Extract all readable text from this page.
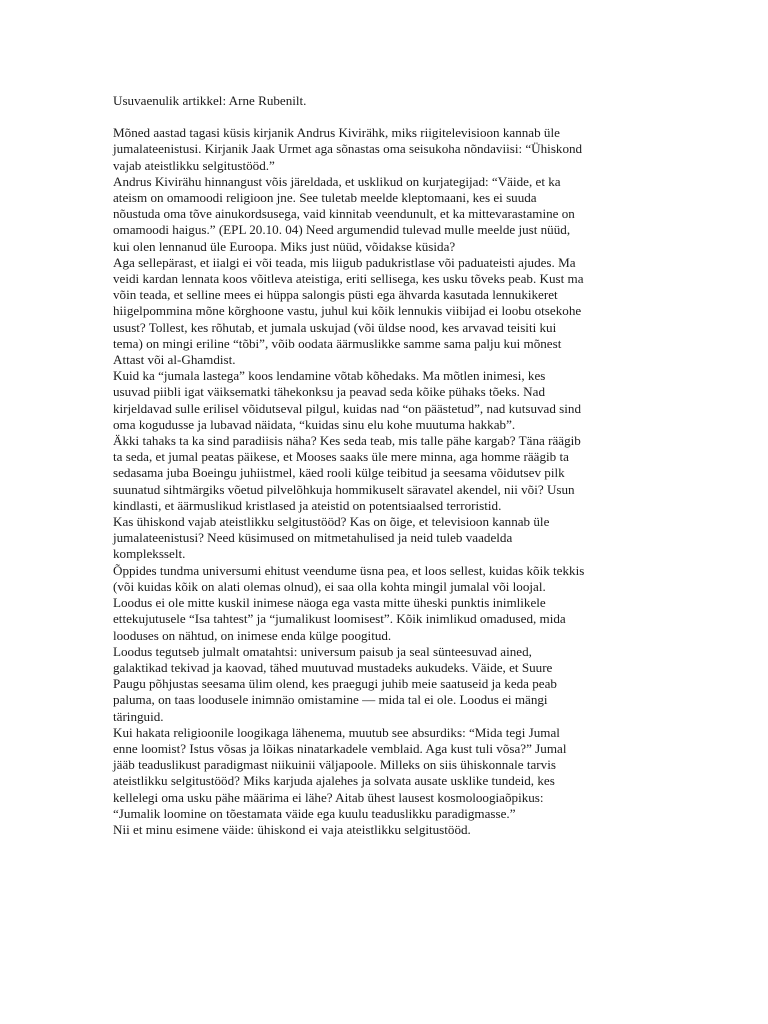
Usuvaenulik artikkel: Arne Rubenilt.
Mõned aastad tagasi küsis kirjanik Andrus Kivirähk, miks riigitelevisioon kannab üle
jumalateenistusi. Kirjanik Jaak Urmet aga sõnastas oma seisukoha nõndaviisi: “Ühiskond
vajab ateistlikku selgitustööd.”
Andrus Kivirähu hinnangust võis järeldada, et usklikud on kurjategijad: “Väide, et ka
ateism on omamoodi religioon jne. See tuletab meelde kleptomaani, kes ei suuda
nõustuda oma tõve ainukordsusega, vaid kinnitab veendunult, et ka mittevarastamine on
omamoodi haigus.” (EPL 20.10. 04) Need argumendid tulevad mulle meelde just nüüd,
kui olen lennanud üle Euroopa. Miks just nüüd, võidakse küsida?
Aga sellepärast, et iialgi ei või teada, mis liigub padukristlase või paduateisti ajudes. Ma
veidi kardan lennata koos võitleva ateistiga, eriti sellisega, kes usku tõveks peab. Kust ma
võin teada, et selline mees ei hüppa salongis püsti ega ähvarda kasutada lennukikeret
hiigelpommina mõne kõrghoone vastu, juhul kui kõik lennukis viibijad ei loobu otsekohe
usust? Tollest, kes rõhutab, et jumala uskujad (või üldse nood, kes arvavad teisiti kui
tema) on mingi eriline “tõbi”, võib oodata äärmuslikke samme sama palju kui mõnest
Attast või al-Ghamdist.
Kuid ka “jumala lastega” koos lendamine võtab kõhedaks. Ma mõtlen inimesi, kes
usuvad piibli igat väiksematki tähekonksu ja peavad seda kõike pühaks tõeks. Nad
kirjeldavad sulle erilisel võidutseval pilgul, kuidas nad “on päästetud”, nad kutsuvad sind
oma kogudusse ja lubavad näidata, “kuidas sinu elu kohe muutuma hakkab”.
Äkki tahaks ta ka sind paradiisis näha? Kes seda teab, mis talle pähe kargab? Täna räägib
ta seda, et jumal peatas päikese, et Mooses saaks üle mere minna, aga homme räägib ta
sedasama juba Boeingu juhiistmel, käed rooli külge teibitud ja seesama võidutsev pilk
suunatud sihtmärgiks võetud pilvelõhkuja hommikuselt säravatel akendel, nii või? Usun
kindlasti, et äärmuslikud kristlased ja ateistid on potentsiaalsed terroristid.
Kas ühiskond vajab ateistlikku selgitustööd? Kas on õige, et televisioon kannab üle
jumalateenistusi? Need küsimused on mitmetahulised ja neid tuleb vaadelda
kompleksselt.
Õppides tundma universumi ehitust veendume üsna pea, et loos sellest, kuidas kõik tekkis
(või kuidas kõik on alati olemas olnud), ei saa olla kohta mingil jumalal või loojal.
Loodus ei ole mitte kuskil inimese näoga ega vasta mitte üheski punktis inimlikele
ettekujutusele “Isa tahtest” ja “jumalikust loomisest”. Kõik inimlikud omadused, mida
looduses on nähtud, on inimese enda külge poogitud.
Loodus tegutseb julmalt omatahtsi: universum paisub ja seal sünteesuvad ained,
galaktikad tekivad ja kaovad, tähed muutuvad mustadeks aukudeks. Väide, et Suure
Paugu põhjustas seesama ülim olend, kes praegugi juhib meie saatuseid ja keda peab
paluma, on taas loodusele inimnäo omistamine — mida tal ei ole. Loodus ei mängi
täringuid.
Kui hakata religioonile loogikaga lähenema, muutub see absurdiks: “Mida tegi Jumal
enne loomist? Istus võsas ja lõikas ninatarkadele vemblaid. Aga kust tuli võsa?” Jumal
jääb teaduslikust paradigmast niikuinii väljapoole. Milleks on siis ühiskonnale tarvis
ateistlikku selgitustööd? Miks karjuda ajalehes ja solvata ausate usklike tundeid, kes
kellelegi oma usku pähe määrima ei lähe? Aitab ühest lausest kosmoloogiaõpikus:
“Jumalik loomine on tõestamata väide ega kuulu teaduslikku paradigmasse.”
Nii et minu esimene väide: ühiskond ei vaja ateistlikku selgitustööd.
